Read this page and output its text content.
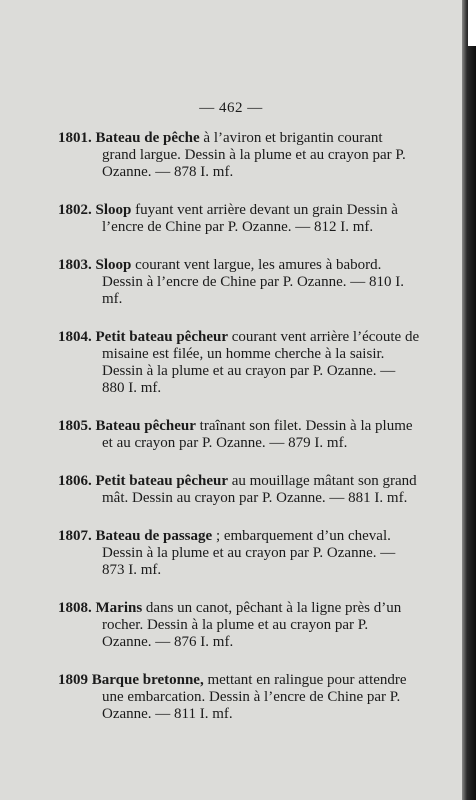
— 462 —
1801. Bateau de pêche à l’aviron et brigantin courant grand largue. Dessin à la plume et au crayon par P. Ozanne. — 878 I. mf.
1802. Sloop fuyant vent arrière devant un grain Dessin à l’encre de Chine par P. Ozanne. — 812 I. mf.
1803. Sloop courant vent largue, les amures à babord. Dessin à l’encre de Chine par P. Ozanne. — 810 I. mf.
1804. Petit bateau pêcheur courant vent arrière l’écoute de misaine est filée, un homme cherche à la saisir. Dessin à la plume et au crayon par P. Ozanne. — 880 I. mf.
1805. Bateau pêcheur traînant son filet. Dessin à la plume et au crayon par P. Ozanne. — 879 I. mf.
1806. Petit bateau pêcheur au mouillage mâtant son grand mât. Dessin au crayon par P. Ozanne. — 881 I. mf.
1807. Bateau de passage ; embarquement d’un cheval. Dessin à la plume et au crayon par P. Ozanne. — 873 I. mf.
1808. Marins dans un canot, pêchant à la ligne près d’un rocher. Dessin à la plume et au crayon par P. Ozanne. — 876 I. mf.
1809 Barque bretonne, mettant en ralingue pour attendre une embarcation. Dessin à l’encre de Chine par P. Ozanne. — 811 I. mf.
